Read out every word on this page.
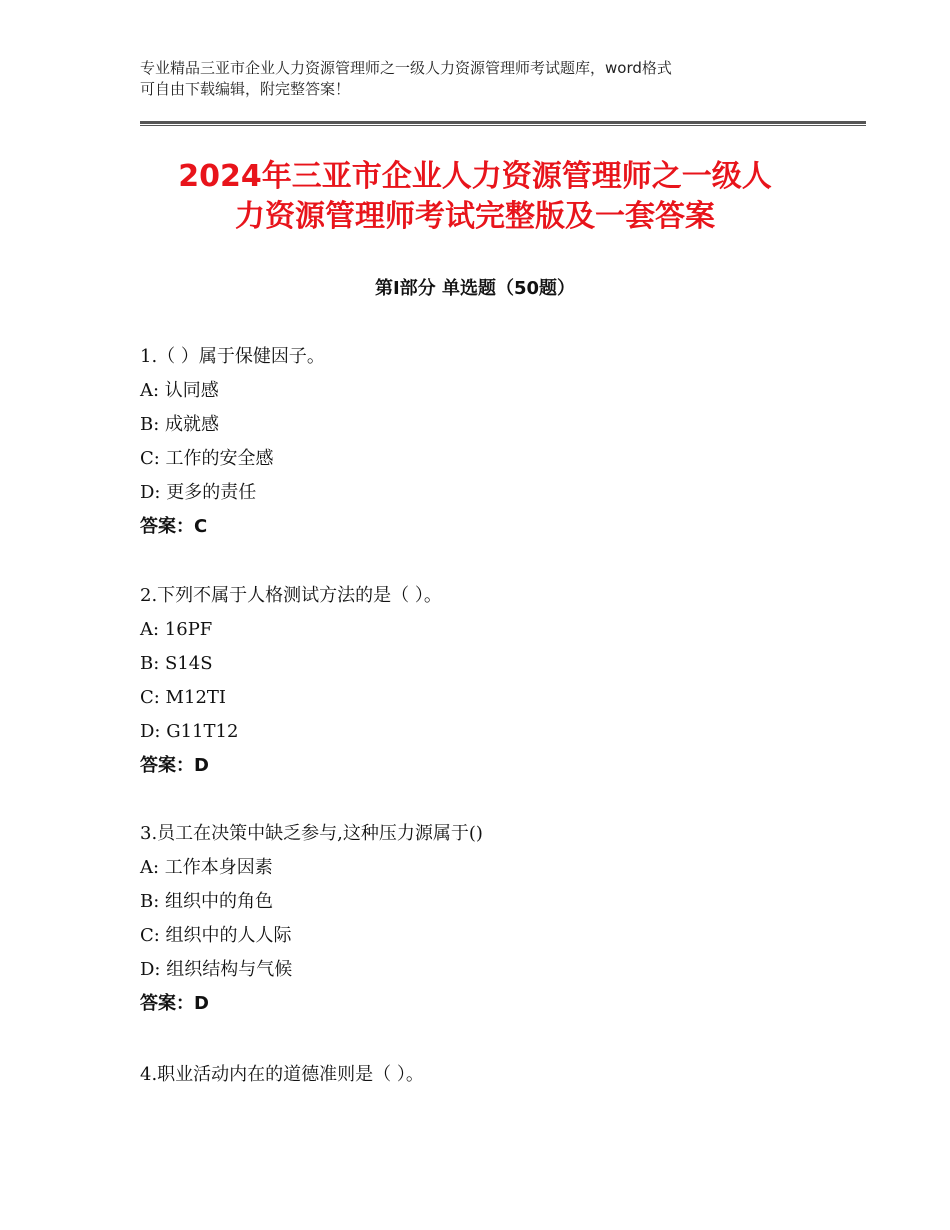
专业精品三亚市企业人力资源管理师之一级人力资源管理师考试题库，word格式
可自由下载编辑，附完整答案！
2024年三亚市企业人力资源管理师之一级人
力资源管理师考试完整版及一套答案
第Ⅰ部分 单选题（50题）
1.（ ）属于保健因子。
A: 认同感
B: 成就感
C: 工作的安全感
D: 更多的责任
答案：C
2.下列不属于人格测试方法的是（ ）。
A: 16PF
B: S14S
C: M12TI
D: G11T12
答案：D
3.员工在决策中缺乏参与,这种压力源属于()
A: 工作本身因素
B: 组织中的角色
C: 组织中的人人际
D: 组织结构与气候
答案：D
4.职业活动内在的道德准则是（ ）。
